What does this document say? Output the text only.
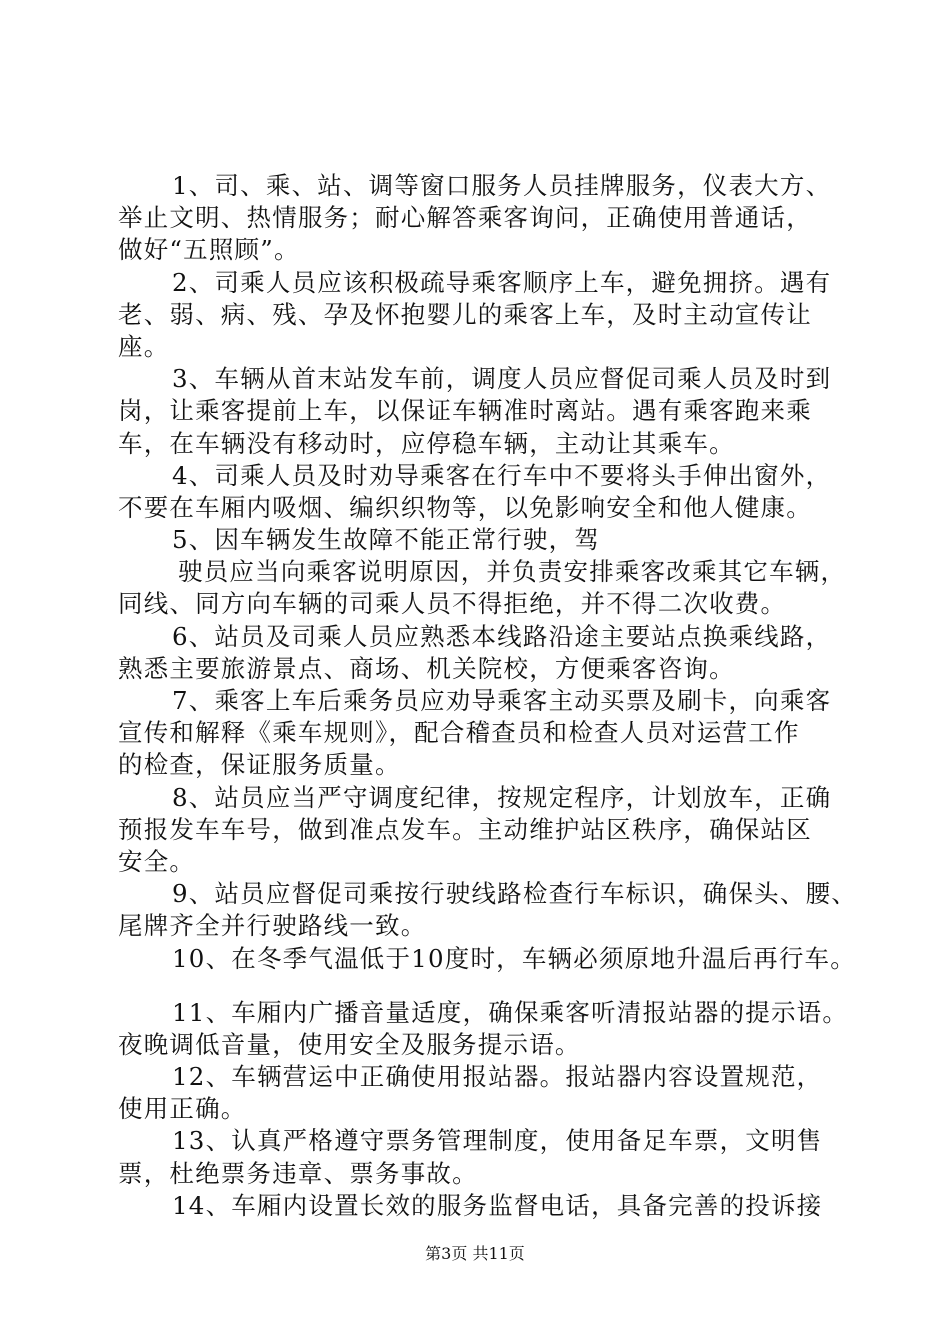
1、司、乘、站、调等窗口服务人员挂牌服务，仪表大方、
举止文明、热情服务；耐心解答乘客询问，正确使用普通话，
做好“五照顾”。
2、司乘人员应该积极疏导乘客顺序上车，避免拥挤。遇有
老、弱、病、残、孕及怀抱婴儿的乘客上车，及时主动宣传让
座。
3、车辆从首末站发车前，调度人员应督促司乘人员及时到
岗，让乘客提前上车，以保证车辆准时离站。遇有乘客跑来乘
车，在车辆没有移动时，应停稳车辆，主动让其乘车。
4、司乘人员及时劝导乘客在行车中不要将头手伸出窗外，
不要在车厢内吸烟、编织织物等，以免影响安全和他人健康。
5、因车辆发生故障不能正常行驶，驾
驶员应当向乘客说明原因，并负责安排乘客改乘其它车辆，
同线、同方向车辆的司乘人员不得拒绝，并不得二次收费。
6、站员及司乘人员应熟悉本线路沿途主要站点换乘线路，
熟悉主要旅游景点、商场、机关院校，方便乘客咨询。
7、乘客上车后乘务员应劝导乘客主动买票及刷卡，向乘客
宣传和解释《乘车规则》，配合稽查员和检查人员对运营工作
的检查，保证服务质量。
8、站员应当严守调度纪律，按规定程序，计划放车，正确
预报发车车号，做到准点发车。主动维护站区秩序，确保站区
安全。
9、站员应督促司乘按行驶线路检查行车标识，确保头、腰、
尾牌齐全并行驶路线一致。
10、在冬季气温低于10度时，车辆必须原地升温后再行车。
11、车厢内广播音量适度，确保乘客听清报站器的提示语。
夜晚调低音量，使用安全及服务提示语。
12、车辆营运中正确使用报站器。报站器内容设置规范，
使用正确。
13、认真严格遵守票务管理制度，使用备足车票，文明售
票，杜绝票务违章、票务事故。
14、车厢内设置长效的服务监督电话，具备完善的投诉接
第3页 共11页
